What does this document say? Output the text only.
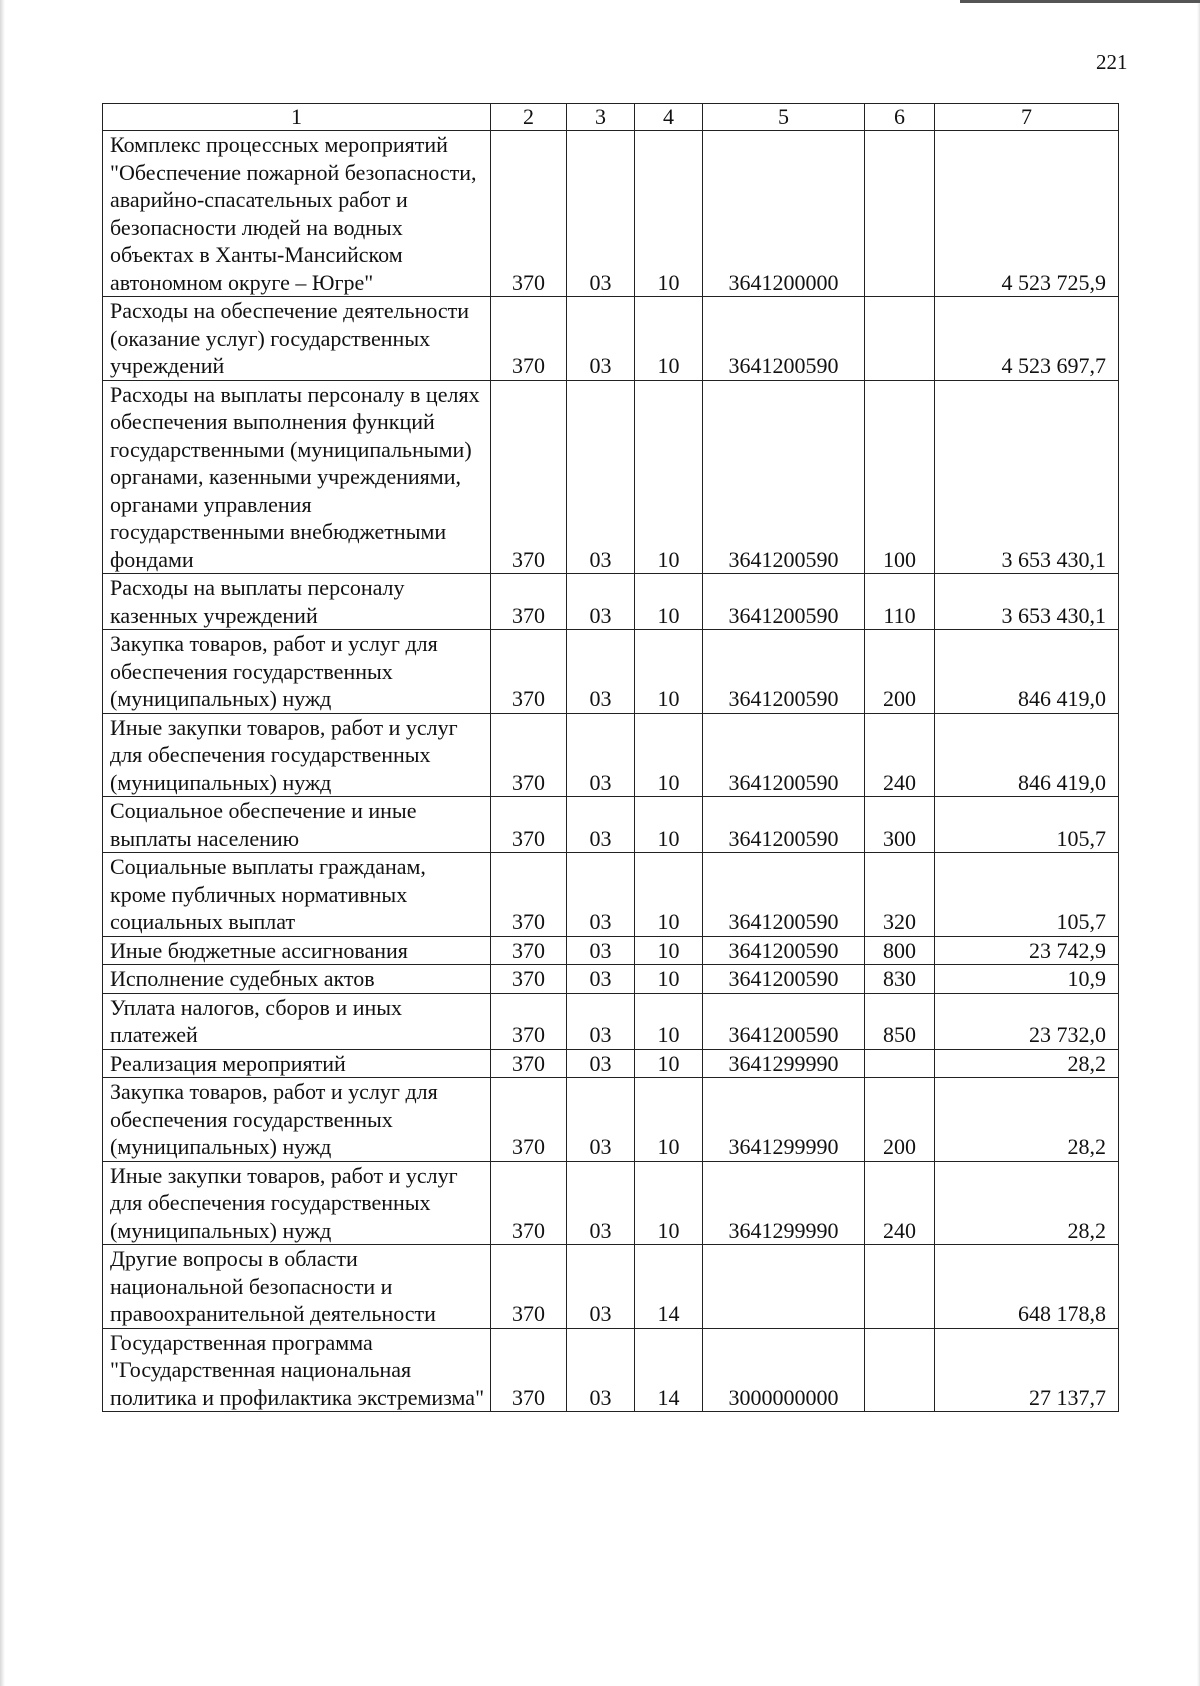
221
1	2	3	4	5	6	7
Комплекс процессных мероприятий "Обеспечение пожарной безопасности, аварийно-спасательных работ и безопасности людей на водных объектах в Ханты-Мансийском автономном округе – Югре"	370	03	10	3641200000		4 523 725,9
Расходы на обеспечение деятельности (оказание услуг) государственных учреждений	370	03	10	3641200590		4 523 697,7
Расходы на выплаты персоналу в целях обеспечения выполнения функций государственными (муниципальными) органами, казенными учреждениями, органами управления государственными внебюджетными фондами	370	03	10	3641200590	100	3 653 430,1
Расходы на выплаты персоналу казенных учреждений	370	03	10	3641200590	110	3 653 430,1
Закупка товаров, работ и услуг для обеспечения государственных (муниципальных) нужд	370	03	10	3641200590	200	846 419,0
Иные закупки товаров, работ и услуг для обеспечения государственных (муниципальных) нужд	370	03	10	3641200590	240	846 419,0
Социальное обеспечение и иные выплаты населению	370	03	10	3641200590	300	105,7
Социальные выплаты гражданам, кроме публичных нормативных социальных выплат	370	03	10	3641200590	320	105,7
Иные бюджетные ассигнования	370	03	10	3641200590	800	23 742,9
Исполнение судебных актов	370	03	10	3641200590	830	10,9
Уплата налогов, сборов и иных платежей	370	03	10	3641200590	850	23 732,0
Реализация мероприятий	370	03	10	3641299990		28,2
Закупка товаров, работ и услуг для обеспечения государственных (муниципальных) нужд	370	03	10	3641299990	200	28,2
Иные закупки товаров, работ и услуг для обеспечения государственных (муниципальных) нужд	370	03	10	3641299990	240	28,2
Другие вопросы в области национальной безопасности и правоохранительной деятельности	370	03	14			648 178,8
Государственная программа "Государственная национальная политика и профилактика экстремизма"	370	03	14	3000000000		27 137,7
